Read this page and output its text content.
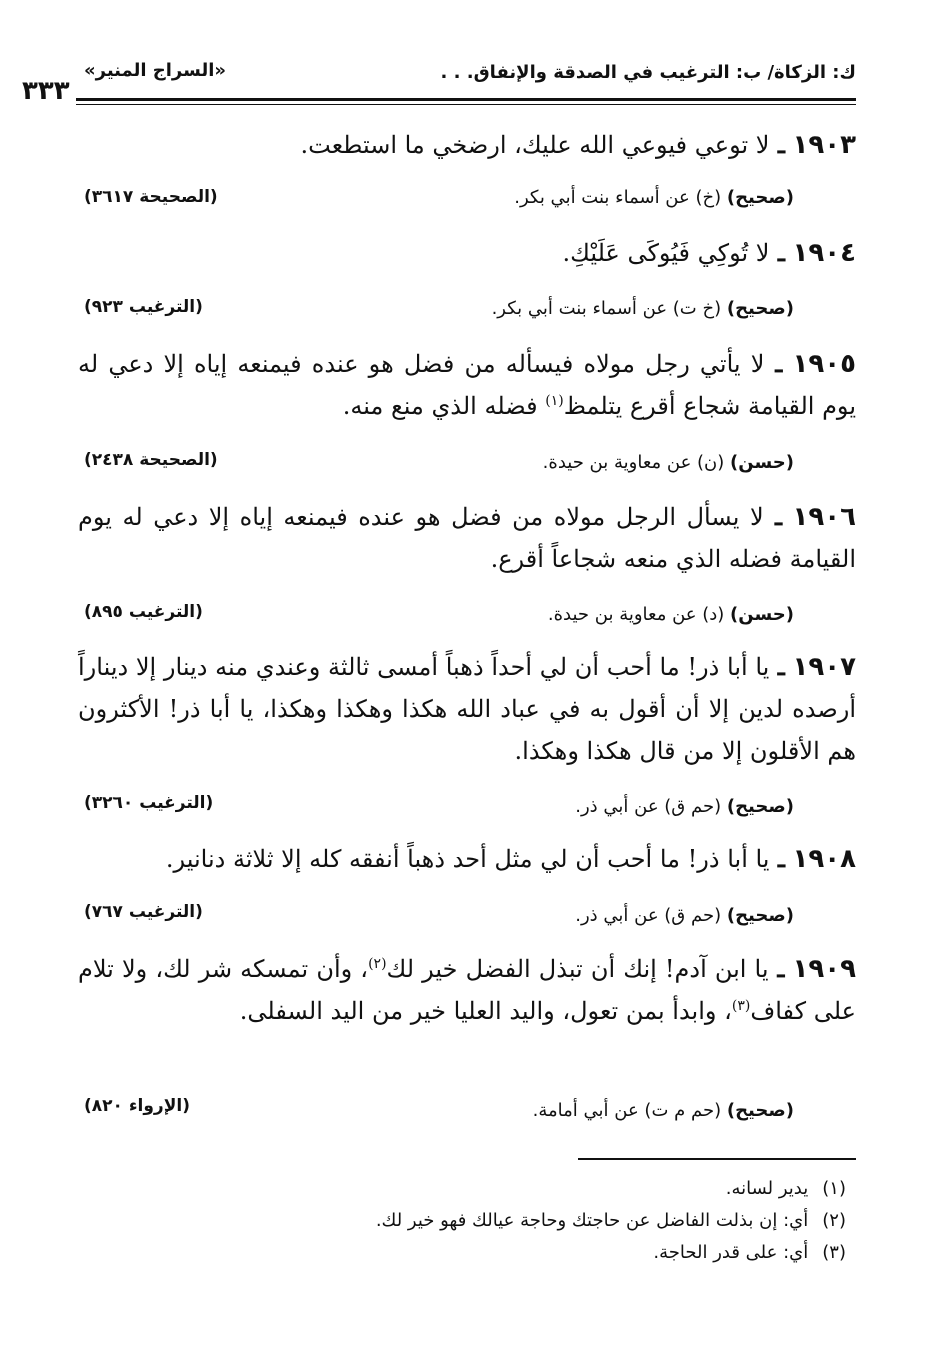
ك: الزكاة/ ب: الترغيب في الصدقة والإنفاق. . .
«السراج المنير»
٣٣٣
١٩٠٣ ـ لا توعي فيوعي الله عليك، ارضخي ما استطعت.
(صحيح) (خ) عن أسماء بنت أبي بكر.
(الصحيحة ٣٦١٧)
١٩٠٤ ـ لا تُوكِي فَيُوكَى عَلَيْكِ.
(صحيح) (خ ت) عن أسماء بنت أبي بكر.
(الترغيب ٩٢٣)
١٩٠٥ ـ لا يأتي رجل مولاه فيسأله من فضل هو عنده فيمنعه إياه إلا دعي له يوم القيامة شجاع أقرع يتلمظ$^{(١)}$ فضله الذي منع منه.
(حسن) (ن) عن معاوية بن حيدة.
(الصحيحة ٢٤٣٨)
١٩٠٦ ـ لا يسأل الرجل مولاه من فضل هو عنده فيمنعه إياه إلا دعي له يوم القيامة فضله الذي منعه شجاعاً أقرع.
(حسن) (د) عن معاوية بن حيدة.
(الترغيب ٨٩٥)
١٩٠٧ ـ يا أبا ذر! ما أحب أن لي أحداً ذهباً أمسى ثالثة وعندي منه دينار إلا ديناراً أرصده لدين إلا أن أقول به في عباد الله هكذا وهكذا وهكذا، يا أبا ذر! الأكثرون هم الأقلون إلا من قال هكذا وهكذا.
(صحيح) (حم ق) عن أبي ذر.
(الترغيب ٣٢٦٠)
١٩٠٨ ـ يا أبا ذر! ما أحب أن لي مثل أحد ذهباً أنفقه كله إلا ثلاثة دنانير.
(صحيح) (حم ق) عن أبي ذر.
(الترغيب ٧٦٧)
١٩٠٩ ـ يا ابن آدم! إنك أن تبذل الفضل خير لك$^{(٢)}$، وأن تمسكه شر لك، ولا تلام على كفاف$^{(٣)}$، وابدأ بمن تعول، واليد العليا خير من اليد السفلى.
(صحيح) (حم م ت) عن أبي أمامة.
(الإرواء ٨٢٠)
(١)يدير لسانه.
(٢)أي: إن بذلت الفاضل عن حاجتك وحاجة عيالك فهو خير لك.
(٣)أي: على قدر الحاجة.
